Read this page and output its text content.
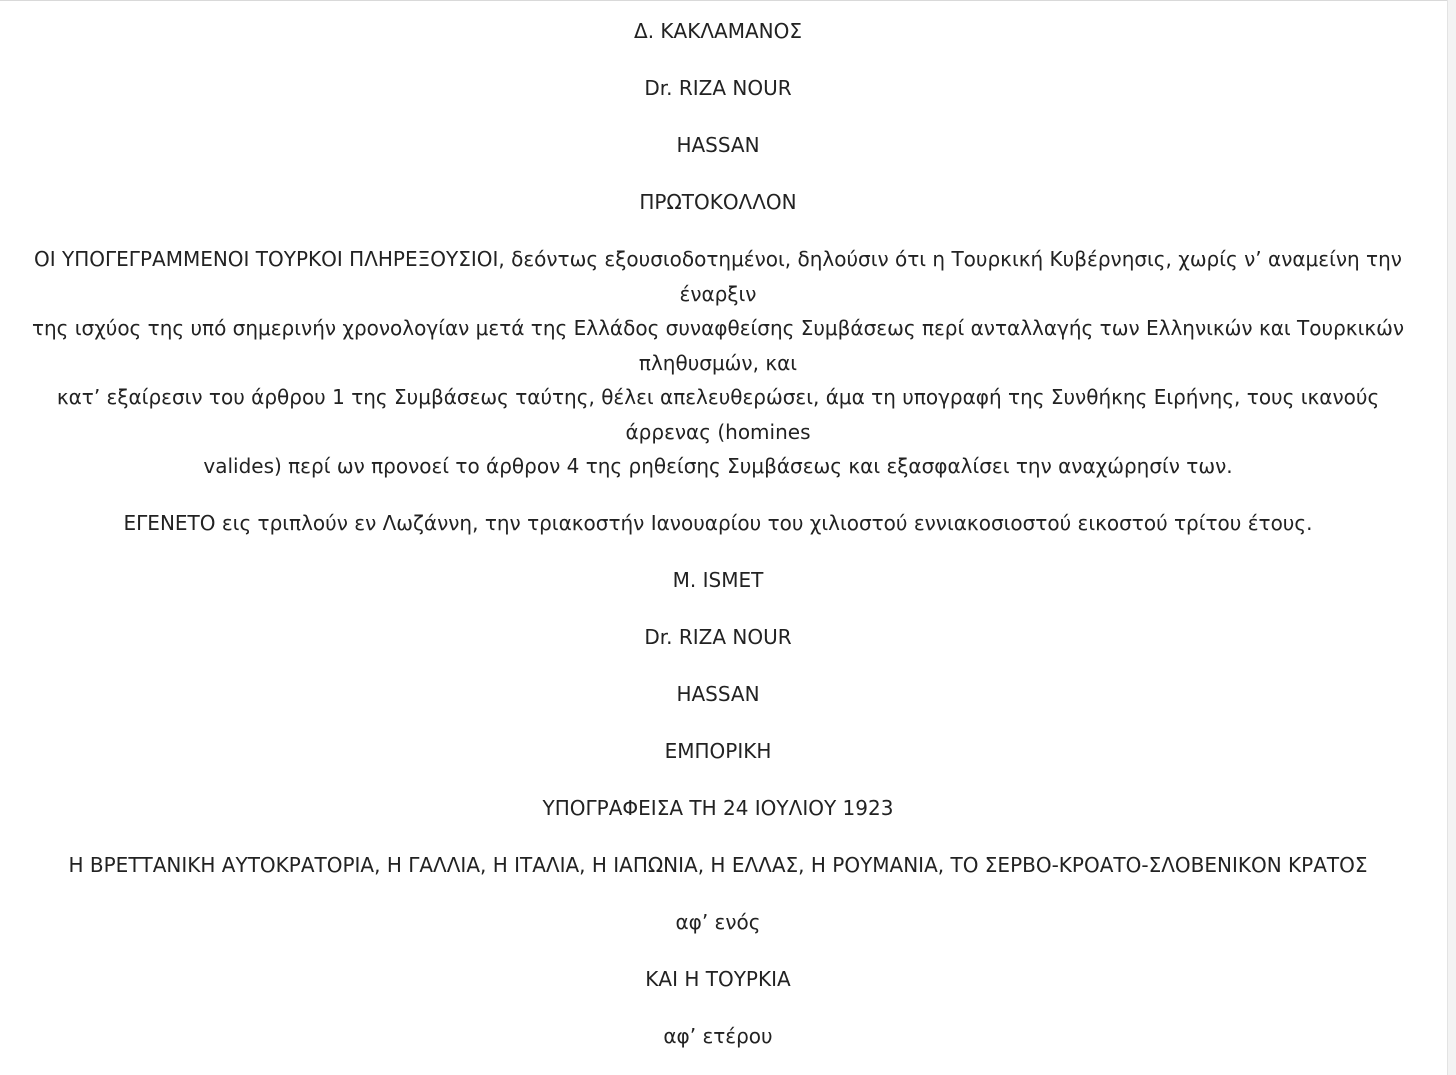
Δ. ΚΑΚΛΑΜΑΝΟΣ

Dr. RIZA NOUR

HASSAN

ΠΡΩΤΟΚΟΛΛΟΝ

ΟΙ ΥΠΟΓΕΓΡΑΜΜΕΝΟΙ ΤΟΥΡΚΟΙ ΠΛΗΡΕΞΟΥΣΙΟΙ, δεόντως εξουσιοδοτημένοι, δηλούσιν ότι η Τουρκική Κυβέρνησις, χωρίς ν’ αναμείνη την έναρξιν
της ισχύος της υπό σημερινήν χρονολογίαν μετά της Ελλάδος συναφθείσης Συμβάσεως περί ανταλλαγής των Ελληνικών και Τουρκικών πληθυσμών, και
κατ’ εξαίρεσιν του άρθρου 1 της Συμβάσεως ταύτης, θέλει απελευθερώσει, άμα τη υπογραφή της Συνθήκης Ειρήνης, τους ικανούς άρρενας (homines
valides) περί ων προνοεί το άρθρον 4 της ρηθείσης Συμβάσεως και εξασφαλίσει την αναχώρησίν των.

ΕΓΕΝΕΤΟ εις τριπλούν εν Λωζάννη, την τριακοστήν Ιανουαρίου του χιλιοστού εννιακοσιοστού εικοστού τρίτου έτους.

M. ISMET

Dr. RIZA NOUR

HASSAN

ΕΜΠΟΡΙΚΗ

ΥΠΟΓΡΑΦΕΙΣΑ ΤΗ 24 ΙΟΥΛΙΟΥ 1923

Η ΒΡΕΤΤΑΝΙΚΗ ΑΥΤΟΚΡΑΤΟΡΙΑ, Η ΓΑΛΛΙΑ, Η ΙΤΑΛΙΑ, Η ΙΑΠΩΝΙΑ, Η ΕΛΛΑΣ, Η ΡΟΥΜΑΝΙΑ, ΤΟ ΣΕΡΒΟ-ΚΡΟΑΤΟ-ΣΛΟΒΕΝΙΚΟΝ ΚΡΑΤΟΣ

αφ’ ενός

ΚΑΙ Η ΤΟΥΡΚΙΑ

αφ’ ετέρου
